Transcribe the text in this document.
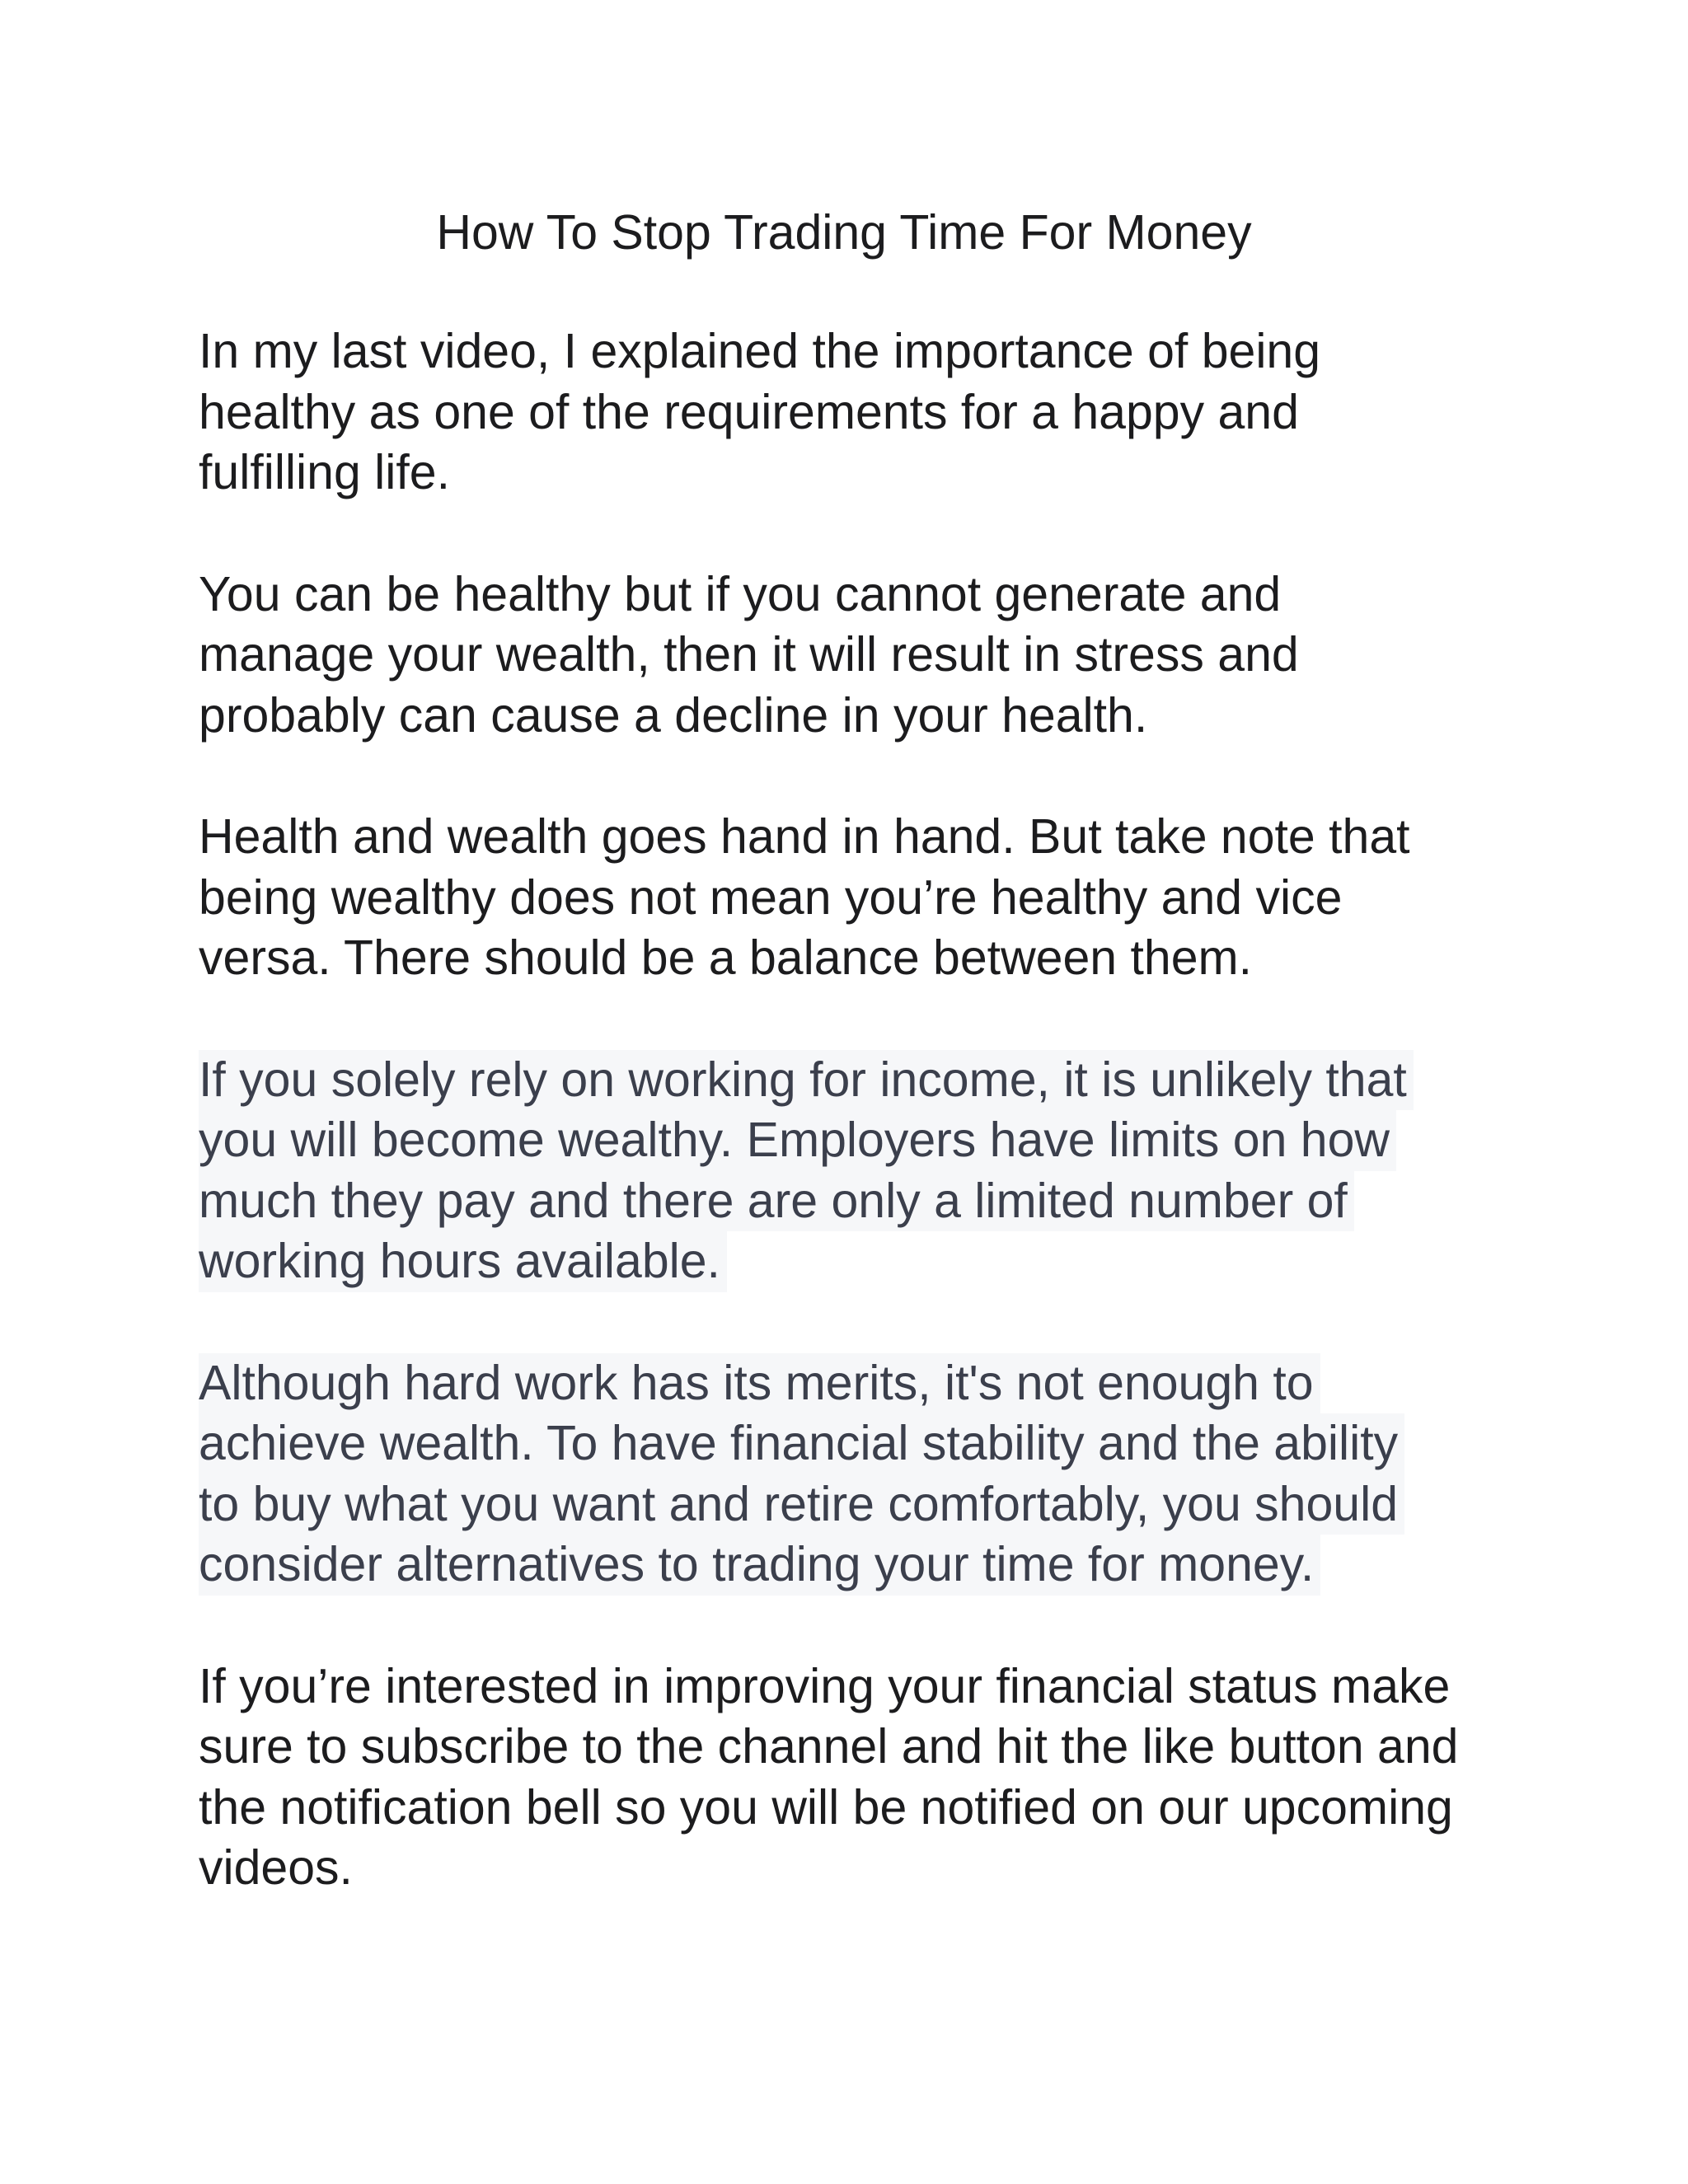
How To Stop Trading Time For Money

In my last video, I explained the importance of being
healthy as one of the requirements for a happy and
fulfilling life.

You can be healthy but if you cannot generate and
manage your wealth, then it will result in stress and
probably can cause a decline in your health.

Health and wealth goes hand in hand. But take note that
being wealthy does not mean you’re healthy and vice
versa. There should be a balance between them.

If you solely rely on working for income, it is unlikely that
you will become wealthy. Employers have limits on how
much they pay and there are only a limited number of
working hours available.

Although hard work has its merits, it's not enough to
achieve wealth. To have financial stability and the ability
to buy what you want and retire comfortably, you should
consider alternatives to trading your time for money.

If you’re interested in improving your financial status make
sure to subscribe to the channel and hit the like button and
the notification bell so you will be notified on our upcoming
videos.
